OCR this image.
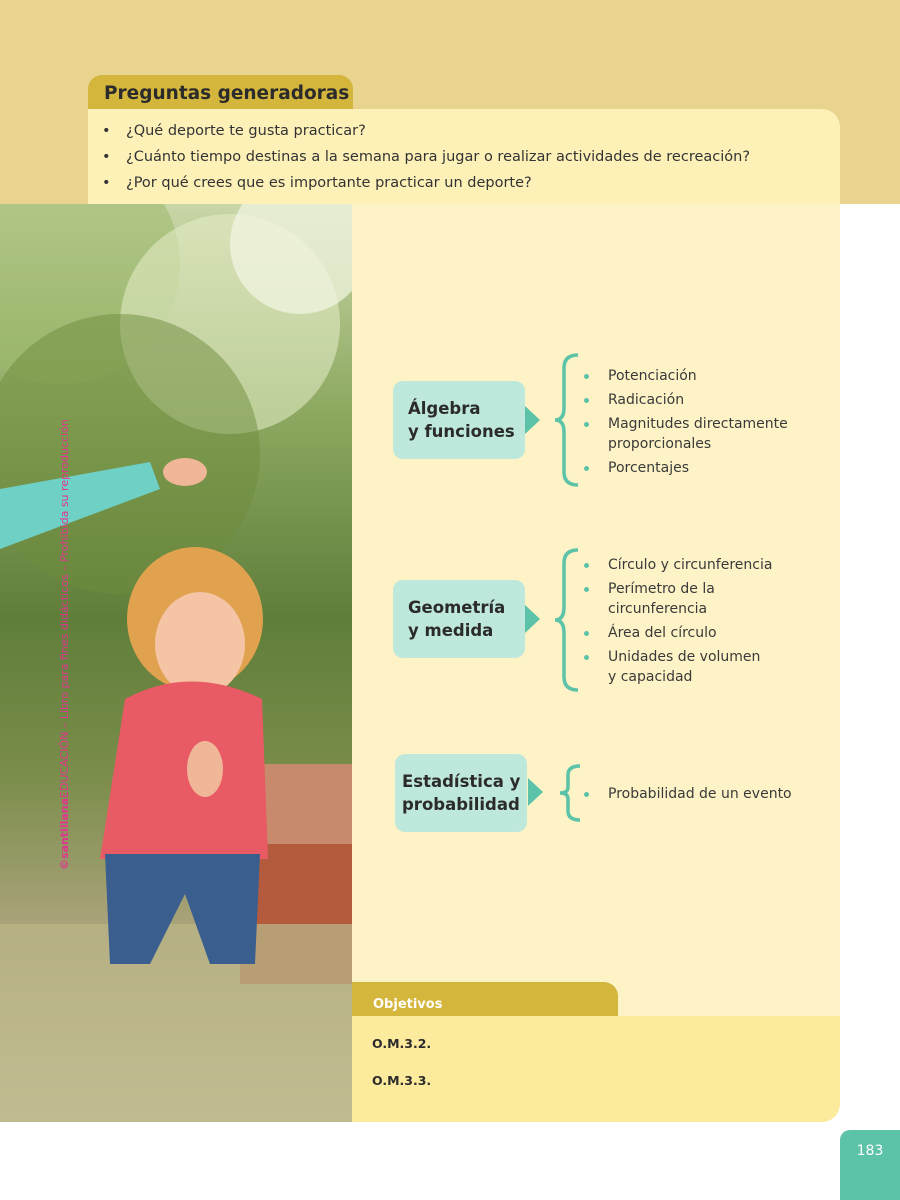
Preguntas generadoras
• ¿Qué deporte te gusta practicar?
• ¿Cuánto tiempo destinas a la semana para jugar o realizar actividades de recreación?
• ¿Por qué crees que es importante practicar un deporte?
©santillanaEDUCACIÓN – Libro para fines didácticos – Prohibida su reproducción
Álgebra
y funciones
Potenciación
Radicación
Magnitudes directamente proporcionales
Porcentajes
Geometría
y medida
Círculo y circunferencia
Perímetro de la circunferencia
Área del círculo
Unidades de volumen y capacidad
Estadística y
probabilidad
Probabilidad de un evento
Objetivos
O.M.3.2.
O.M.3.3.
183
